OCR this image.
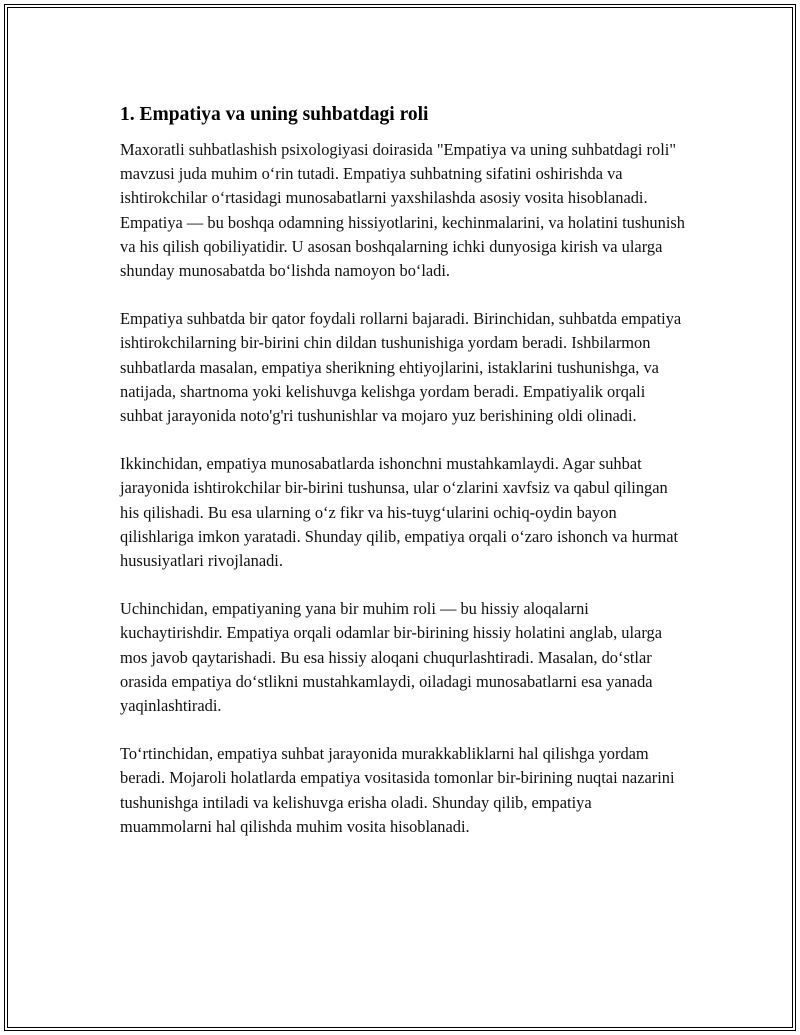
1. Empatiya va uning suhbatdagi roli

Maxoratli suhbatlashish psixologiyasi doirasida "Empatiya va uning suhbatdagi roli" mavzusi juda muhim o‘rin tutadi. Empatiya suhbatning sifatini oshirishda va ishtirokchilar o‘rtasidagi munosabatlarni yaxshilashda asosiy vosita hisoblanadi. Empatiya — bu boshqa odamning hissiyotlarini, kechinmalarini, va holatini tushunish va his qilish qobiliyatidir. U asosan boshqalarning ichki dunyosiga kirish va ularga shunday munosabatda bo‘lishda namoyon bo‘ladi.

Empatiya suhbatda bir qator foydali rollarni bajaradi. Birinchidan, suhbatda empatiya ishtirokchilarning bir-birini chin dildan tushunishiga yordam beradi. Ishbilarmon suhbatlarda masalan, empatiya sherikning ehtiyojlarini, istaklarini tushunishga, va natijada, shartnoma yoki kelishuvga kelishga yordam beradi. Empatiyalik orqali suhbat jarayonida noto'g'ri tushunishlar va mojaro yuz berishining oldi olinadi.

Ikkinchidan, empatiya munosabatlarda ishonchni mustahkamlaydi. Agar suhbat jarayonida ishtirokchilar bir-birini tushunsa, ular o‘zlarini xavfsiz va qabul qilingan his qilishadi. Bu esa ularning o‘z fikr va his-tuyg‘ularini ochiq-oydin bayon qilishlariga imkon yaratadi. Shunday qilib, empatiya orqali o‘zaro ishonch va hurmat hususiyatlari rivojlanadi.

Uchinchidan, empatiyaning yana bir muhim roli — bu hissiy aloqalarni kuchaytirishdir. Empatiya orqali odamlar bir-birining hissiy holatini anglab, ularga mos javob qaytarishadi. Bu esa hissiy aloqani chuqurlashtiradi. Masalan, do‘stlar orasida empatiya do‘stlikni mustahkamlaydi, oiladagi munosabatlarni esa yanada yaqinlashtiradi.

To‘rtinchidan, empatiya suhbat jarayonida murakkabliklarni hal qilishga yordam beradi. Mojaroli holatlarda empatiya vositasida tomonlar bir-birining nuqtai nazarini tushunishga intiladi va kelishuvga erisha oladi. Shunday qilib, empatiya muammolarni hal qilishda muhim vosita hisoblanadi.
